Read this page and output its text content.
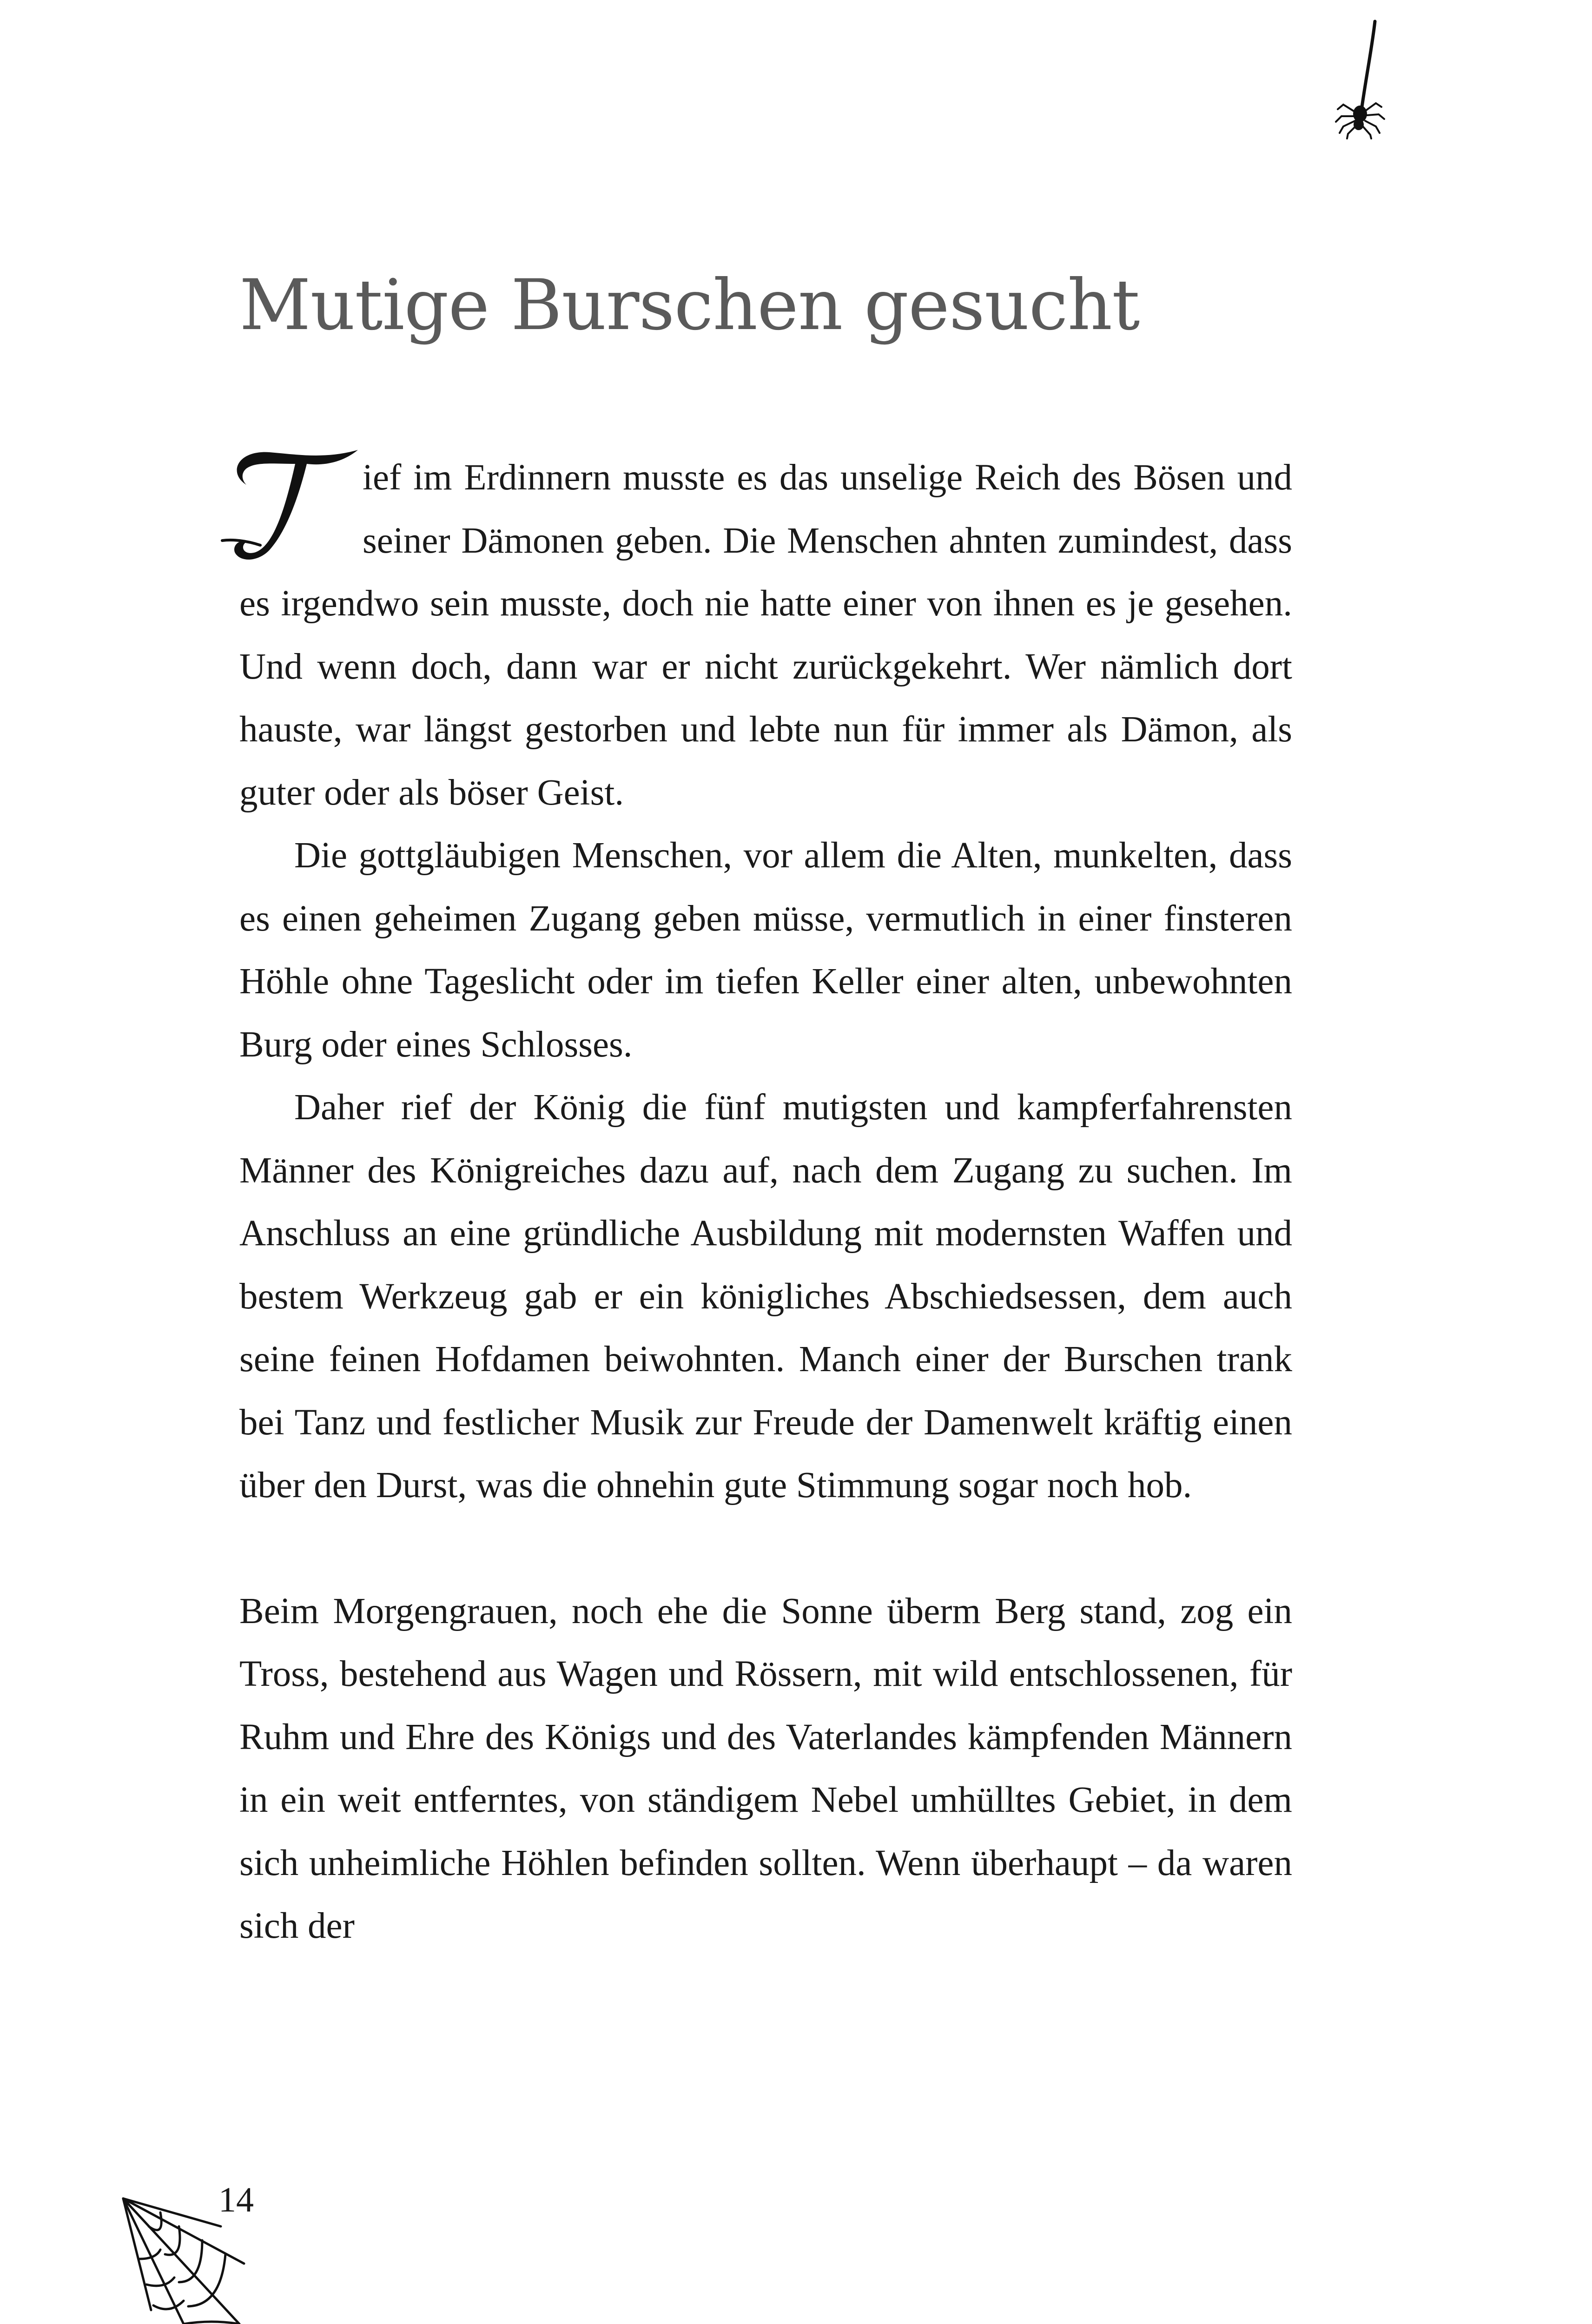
Mutige Burschen gesucht

ief im Erdinnern musste es das unselige Reich des Bösen und seiner Dämonen geben. Die Menschen ahnten zumindest, dass es irgendwo sein musste, doch nie hatte einer von ihnen es je gesehen. Und wenn doch, dann war er nicht zurückgekehrt. Wer nämlich dort hauste, war längst gestorben und lebte nun für immer als Dämon, als guter oder als böser Geist.

Die gottgläubigen Menschen, vor allem die Alten, munkelten, dass es einen geheimen Zugang geben müsse, vermutlich in einer finsteren Höhle ohne Tageslicht oder im tiefen Keller einer alten, unbewohnten Burg oder eines Schlosses.

Daher rief der König die fünf mutigsten und kampferfahrensten Männer des Königreiches dazu auf, nach dem Zugang zu suchen. Im Anschluss an eine gründliche Ausbildung mit modernsten Waffen und bestem Werkzeug gab er ein königliches Abschiedsessen, dem auch seine feinen Hofdamen beiwohnten. Manch einer der Burschen trank bei Tanz und festlicher Musik zur Freude der Damenwelt kräftig einen über den Durst, was die ohnehin gute Stimmung sogar noch hob.

Beim Morgengrauen, noch ehe die Sonne überm Berg stand, zog ein Tross, bestehend aus Wagen und Rössern, mit wild entschlossenen, für Ruhm und Ehre des Königs und des Vaterlandes kämpfenden Männern in ein weit entferntes, von ständigem Nebel umhülltes Gebiet, in dem sich unheimliche Höhlen befinden sollten. Wenn überhaupt – da waren sich der

14
